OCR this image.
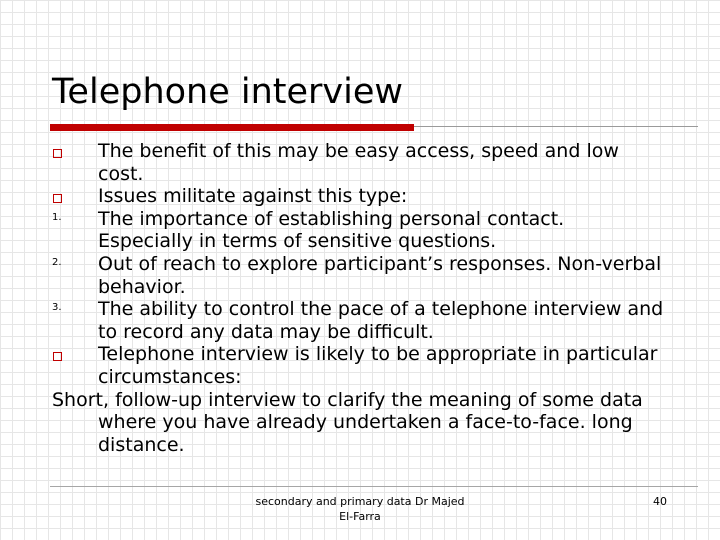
Telephone interview
The benefit of this may be easy access, speed and low cost.
Issues militate against this type:
1. The importance of establishing personal contact. Especially in terms of sensitive questions.
2. Out of reach to explore participant’s responses. Non-verbal behavior.
3. The ability to control the pace of a telephone interview and to record any data may be difficult.
Telephone interview is likely to be appropriate in particular circumstances:
Short, follow-up interview to clarify the meaning of some data where you have already undertaken a face-to-face. long distance.
secondary and primary data Dr Majed El-Farra
40
